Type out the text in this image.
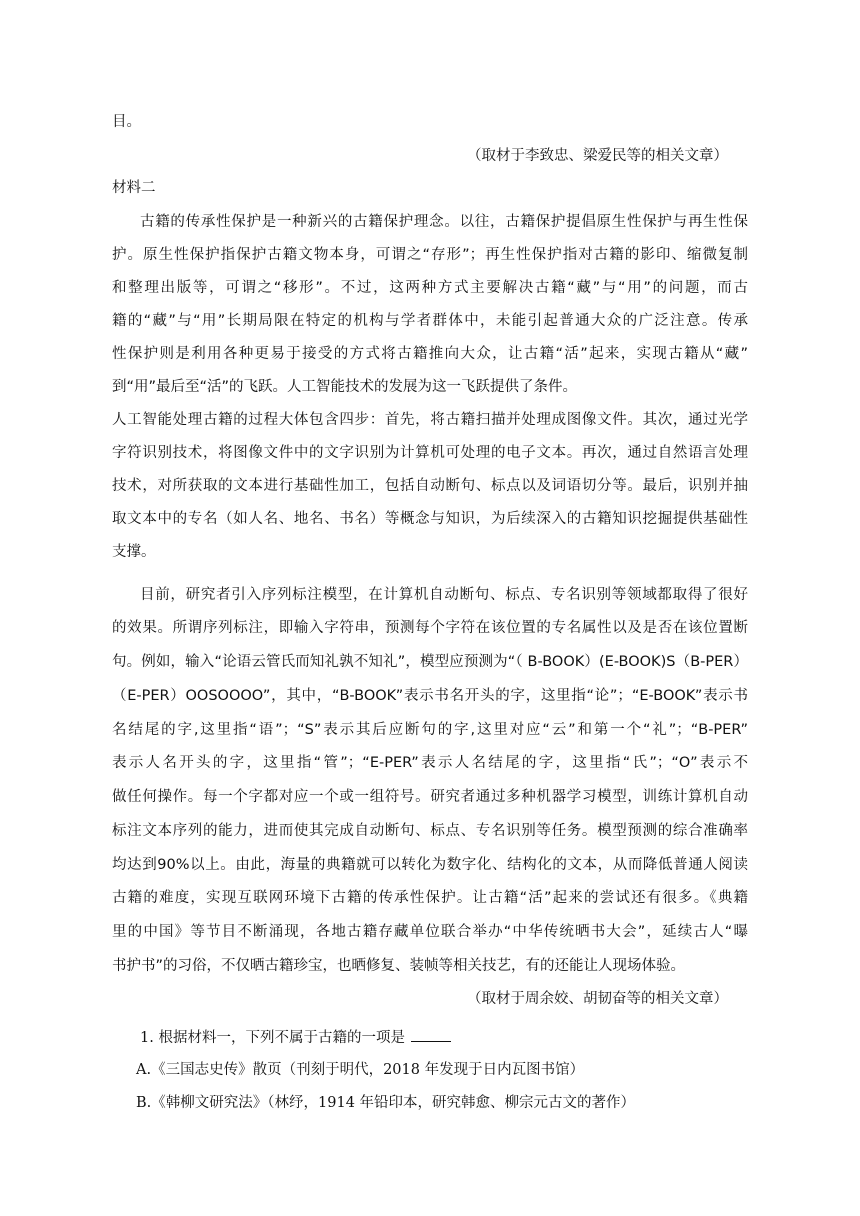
目。
（取材于李致忠、梁爱民等的相关文章）
材料二
古籍的传承性保护是一种新兴的古籍保护理念。以往，古籍保护提倡原生性保护与再生性保
护。原生性保护指保护古籍文物本身，可谓之“存形”；再生性保护指对古籍的影印、缩微复制
和整理出版等，可谓之“移形”。不过，这两种方式主要解决古籍“藏”与“用”的问题，而古
籍的“藏”与“用”长期局限在特定的机构与学者群体中，未能引起普通大众的广泛注意。传承
性保护则是利用各种更易于接受的方式将古籍推向大众，让古籍“活”起来，实现古籍从“藏”
到“用”最后至“活”的飞跃。人工智能技术的发展为这一飞跃提供了条件。
人工智能处理古籍的过程大体包含四步：首先，将古籍扫描并处理成图像文件。其次，通过光学
字符识别技术，将图像文件中的文字识别为计算机可处理的电子文本。再次，通过自然语言处理
技术，对所获取的文本进行基础性加工，包括自动断句、标点以及词语切分等。最后，识别并抽
取文本中的专名（如人名、地名、书名）等概念与知识，为后续深入的古籍知识挖掘提供基础性
支撑。
目前，研究者引入序列标注模型，在计算机自动断句、标点、专名识别等领域都取得了很好
的效果。所谓序列标注，即输入字符串，预测每个字符在该位置的专名属性以及是否在该位置断
句。例如，输入“论语云管氏而知礼孰不知礼”，模型应预测为“（ B-BOOK）(E-BOOK)S（B-PER）
（E-PER）OOSOOOO”，其中，“B-BOOK”表示书名开头的字，这里指“论”；“E-BOOK”表示书
名结尾的字,这里指“语”；“S”表示其后应断句的字,这里对应“云”和第一个“礼”；“B-PER”
表示人名开头的字，这里指“管”；“E-PER”表示人名结尾的字，这里指“氏”；“O”表示不
做任何操作。每一个字都对应一个或一组符号。研究者通过多种机器学习模型，训练计算机自动
标注文本序列的能力，进而使其完成自动断句、标点、专名识别等任务。模型预测的综合准确率
均达到90%以上。由此，海量的典籍就可以转化为数字化、结构化的文本，从而降低普通人阅读
古籍的难度，实现互联网环境下古籍的传承性保护。让古籍“活”起来的尝试还有很多。《典籍
里的中国》等节目不断涌现，各地古籍存藏单位联合举办“中华传统晒书大会”，延续古人“曝
书护书”的习俗，不仅晒古籍珍宝，也晒修复、装帧等相关技艺，有的还能让人现场体验。
（取材于周余姣、胡韧奋等的相关文章）
1. 根据材料一，下列不属于古籍的一项是
A.《三国志史传》散页（刊刻于明代，2018 年发现于日内瓦图书馆）
B.《韩柳文研究法》（林纾，1914 年铅印本，研究韩愈、柳宗元古文的著作）
